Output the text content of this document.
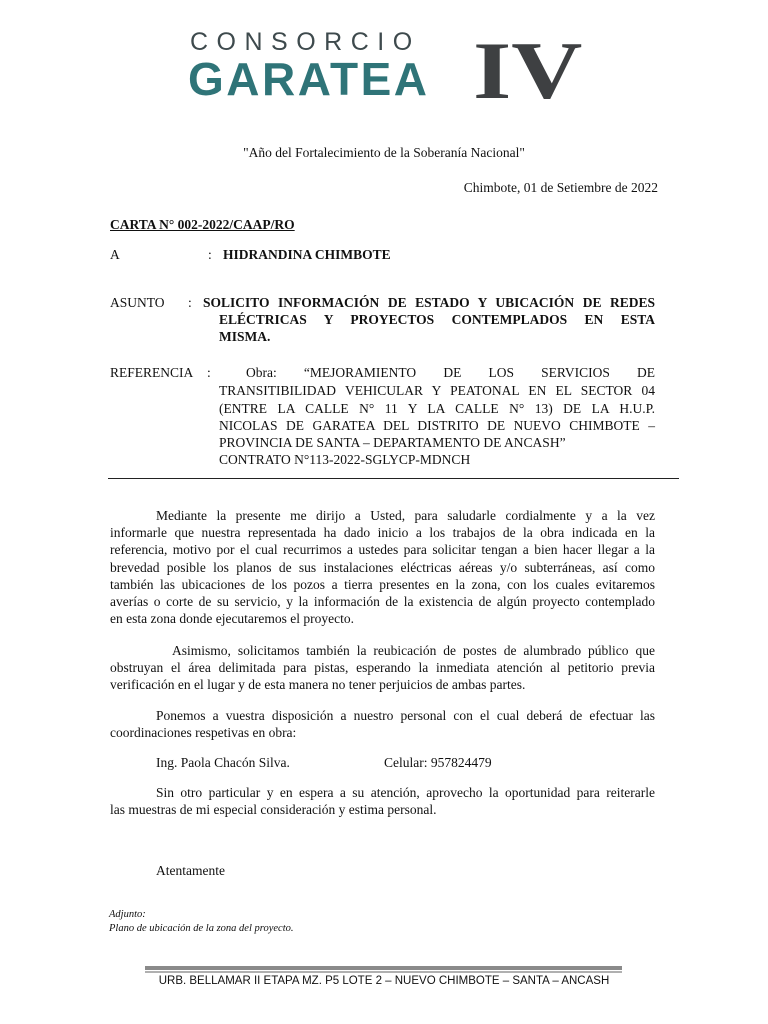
CONSORCIO
GARATEA IV
"Año del Fortalecimiento de la Soberanía Nacional"
Chimbote, 01 de Setiembre de 2022
CARTA N° 002-2022/CAAP/RO
A	: HIDRANDINA CHIMBOTE
ASUNTO : SOLICITO INFORMACIÓN DE ESTADO Y UBICACIÓN DE REDES
ELÉCTRICAS Y PROYECTOS CONTEMPLADOS EN ESTA
MISMA.
REFERENCIA :	Obra: “MEJORAMIENTO DE LOS SERVICIOS DE
TRANSITIBILIDAD VEHICULAR Y PEATONAL EN EL SECTOR 04
(ENTRE LA CALLE N° 11 Y LA CALLE N° 13) DE LA H.U.P.
NICOLAS DE GARATEA DEL DISTRITO DE NUEVO CHIMBOTE –
PROVINCIA DE SANTA – DEPARTAMENTO DE ANCASH”
CONTRATO N°113-2022-SGLYCP-MDNCH
Mediante la presente me dirijo a Usted, para saludarle cordialmente y a la vez
informarle que nuestra representada ha dado inicio a los trabajos de la obra indicada en la
referencia, motivo por el cual recurrimos a ustedes para solicitar tengan a bien hacer llegar a la
brevedad posible los planos de sus instalaciones eléctricas aéreas y/o subterráneas, así como
también las ubicaciones de los pozos a tierra presentes en la zona, con los cuales evitaremos
averías o corte de su servicio, y la información de la existencia de algún proyecto contemplado
en esta zona donde ejecutaremos el proyecto.
Asimismo, solicitamos también la reubicación de postes de alumbrado público que
obstruyan el área delimitada para pistas, esperando la inmediata atención al petitorio previa
verificación en el lugar y de esta manera no tener perjuicios de ambas partes.
Ponemos a vuestra disposición a nuestro personal con el cual deberá de efectuar las
coordinaciones respetivas en obra:
Ing. Paola Chacón Silva.	Celular: 957824479
Sin otro particular y en espera a su atención, aprovecho la oportunidad para reiterarle
las muestras de mi especial consideración y estima personal.
Atentamente
Adjunto:
Plano de ubicación de la zona del proyecto.
URB. BELLAMAR II ETAPA MZ. P5 LOTE 2 – NUEVO CHIMBOTE – SANTA – ANCASH
